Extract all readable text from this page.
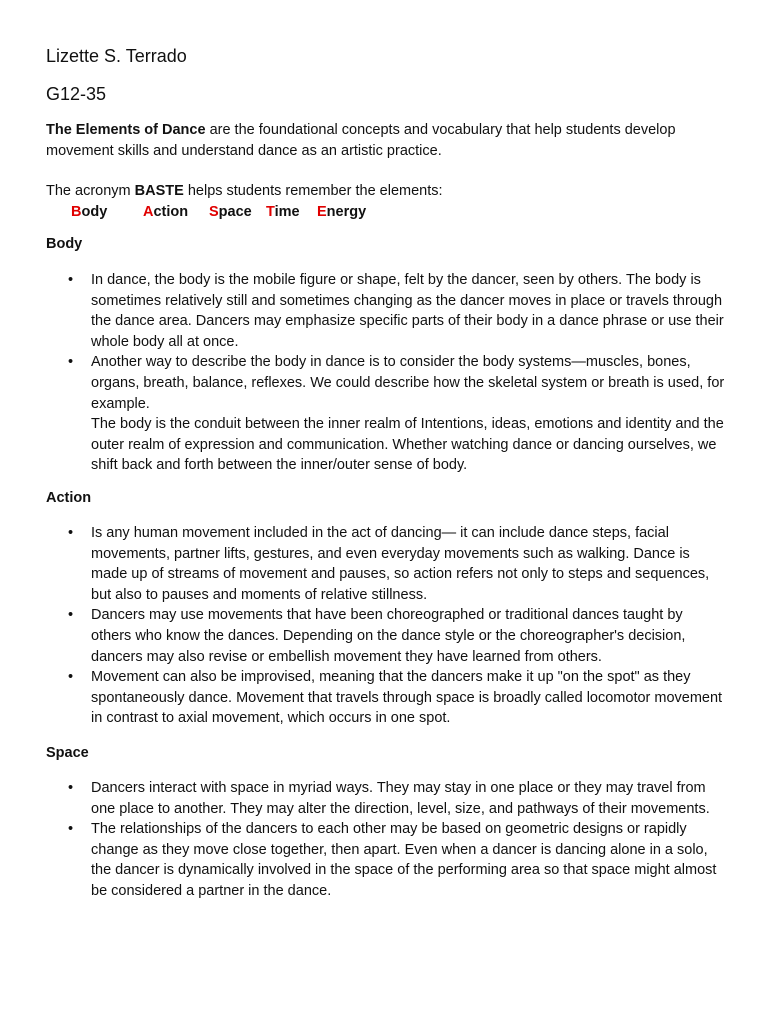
Lizette S. Terrado
G12-35

The Elements of Dance are the foundational concepts and vocabulary that help students develop movement skills and understand dance as an artistic practice.

The acronym BASTE helps students remember the elements:

Body Action Space Time Energy
Body
• In dance, the body is the mobile figure or shape, felt by the dancer, seen by others. The body is sometimes relatively still and sometimes changing as the dancer moves in place or travels through the dance area. Dancers may emphasize specific parts of their body in a dance phrase or use their whole body all at once.
• Another way to describe the body in dance is to consider the body systems—muscles, bones, organs, breath, balance, reflexes. We could describe how the skeletal system or breath is used, for example.
The body is the conduit between the inner realm of Intentions, ideas, emotions and identity and the outer realm of expression and communication. Whether watching dance or dancing ourselves, we shift back and forth between the inner/outer sense of body.
Action
• Is any human movement included in the act of dancing— it can include dance steps, facial movements, partner lifts, gestures, and even everyday movements such as walking. Dance is made up of streams of movement and pauses, so action refers not only to steps and sequences, but also to pauses and moments of relative stillness.
• Dancers may use movements that have been choreographed or traditional dances taught by others who know the dances. Depending on the dance style or the choreographer's decision, dancers may also revise or embellish movement they have learned from others.
• Movement can also be improvised, meaning that the dancers make it up "on the spot" as they spontaneously dance. Movement that travels through space is broadly called locomotor movement in contrast to axial movement, which occurs in one spot.
Space
• Dancers interact with space in myriad ways. They may stay in one place or they may travel from one place to another. They may alter the direction, level, size, and pathways of their movements.
• The relationships of the dancers to each other may be based on geometric designs or rapidly change as they move close together, then apart. Even when a dancer is dancing alone in a solo, the dancer is dynamically involved in the space of the performing area so that space might almost be considered a partner in the dance.
